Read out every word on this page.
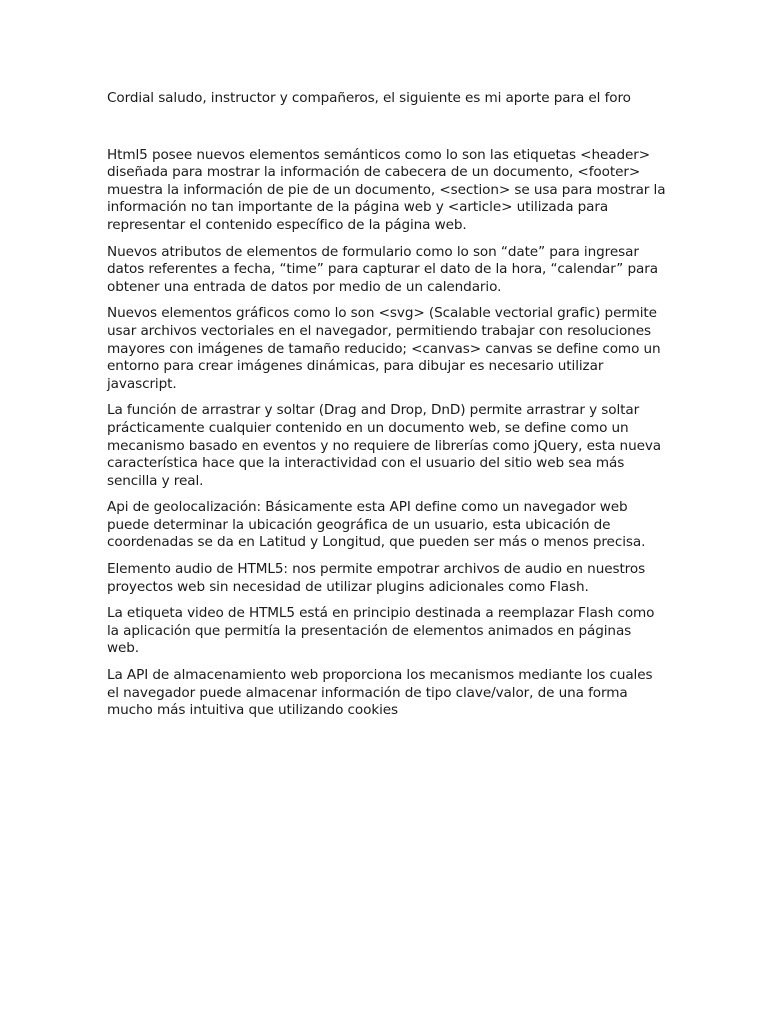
Cordial saludo, instructor y compañeros, el siguiente es mi aporte para el foro

Html5 posee nuevos elementos semánticos como lo son las etiquetas <header> diseñada para mostrar la información de cabecera de un documento, <footer> muestra la información de pie de un documento, <section> se usa para mostrar la información no tan importante de la página web y <article> utilizada para representar el contenido específico de la página web.

Nuevos atributos de elementos de formulario como lo son “date” para ingresar datos referentes a fecha, “time” para capturar el dato de la hora, “calendar” para obtener una entrada de datos por medio de un calendario.

Nuevos elementos gráficos como lo son <svg> (Scalable vectorial grafic) permite usar archivos vectoriales en el navegador, permitiendo trabajar con resoluciones mayores con imágenes de tamaño reducido; <canvas> canvas se define como un entorno para crear imágenes dinámicas, para dibujar es necesario utilizar javascript.

La función de arrastrar y soltar (Drag and Drop, DnD) permite arrastrar y soltar prácticamente cualquier contenido en un documento web, se define como un mecanismo basado en eventos y no requiere de librerías como jQuery, esta nueva característica hace que la interactividad con el usuario del sitio web sea más sencilla y real.

Api de geolocalización: Básicamente esta API define como un navegador web puede determinar la ubicación geográfica de un usuario, esta ubicación de coordenadas se da en Latitud y Longitud, que pueden ser más o menos precisa.

Elemento audio de HTML5: nos permite empotrar archivos de audio en nuestros proyectos web sin necesidad de utilizar plugins adicionales como Flash.

La etiqueta video de HTML5 está en principio destinada a reemplazar Flash como la aplicación que permitía la presentación de elementos animados en páginas web.

La API de almacenamiento web proporciona los mecanismos mediante los cuales el navegador puede almacenar información de tipo clave/valor, de una forma mucho más intuitiva que utilizando cookies
